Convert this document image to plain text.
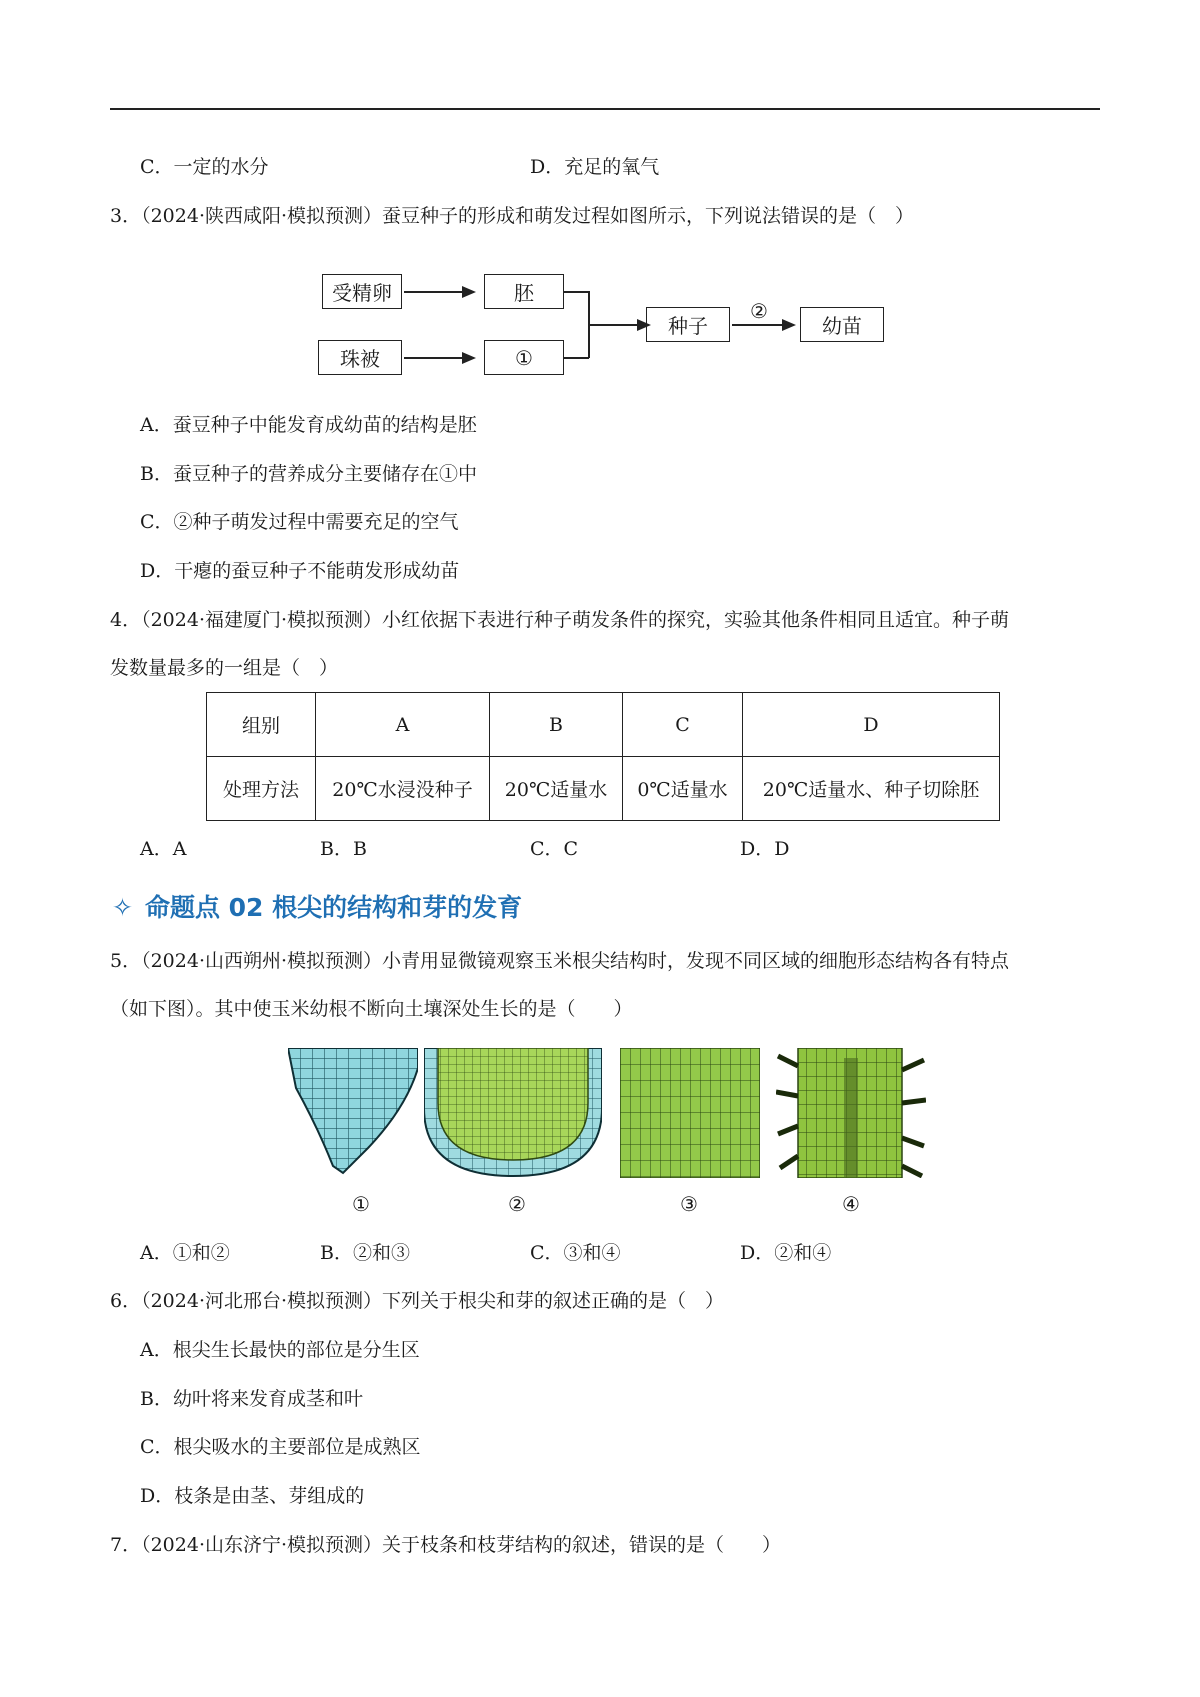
C．一定的水分	D．充足的氧气
3．（2024·陕西咸阳·模拟预测）蚕豆种子的形成和萌发过程如图所示，下列说法错误的是（　）
受精卵	胚
珠被	①
种子
②
幼苗
A．蚕豆种子中能发育成幼苗的结构是胚
B．蚕豆种子的营养成分主要储存在①中
C．②种子萌发过程中需要充足的空气
D．干瘪的蚕豆种子不能萌发形成幼苗
4．（2024·福建厦门·模拟预测）小红依据下表进行种子萌发条件的探究，实验其他条件相同且适宜。种子萌
发数量最多的一组是（　）
组别	A	B	C	D
处理方法	20℃水浸没种子	20℃适量水	0℃适量水	20℃适量水、种子切除胚
A．A	B．B	C．C	D．D
✧ 命题点 02 根尖的结构和芽的发育
5．（2024·山西朔州·模拟预测）小青用显微镜观察玉米根尖结构时，发现不同区域的细胞形态结构各有特点
（如下图）。其中使玉米幼根不断向土壤深处生长的是（　　）
①	②	③	④
A．①和②	B．②和③	C．③和④	D．②和④
6．（2024·河北邢台·模拟预测）下列关于根尖和芽的叙述正确的是（　）
A．根尖生长最快的部位是分生区
B．幼叶将来发育成茎和叶
C．根尖吸水的主要部位是成熟区
D．枝条是由茎、芽组成的
7．（2024·山东济宁·模拟预测）关于枝条和枝芽结构的叙述，错误的是（　　）
